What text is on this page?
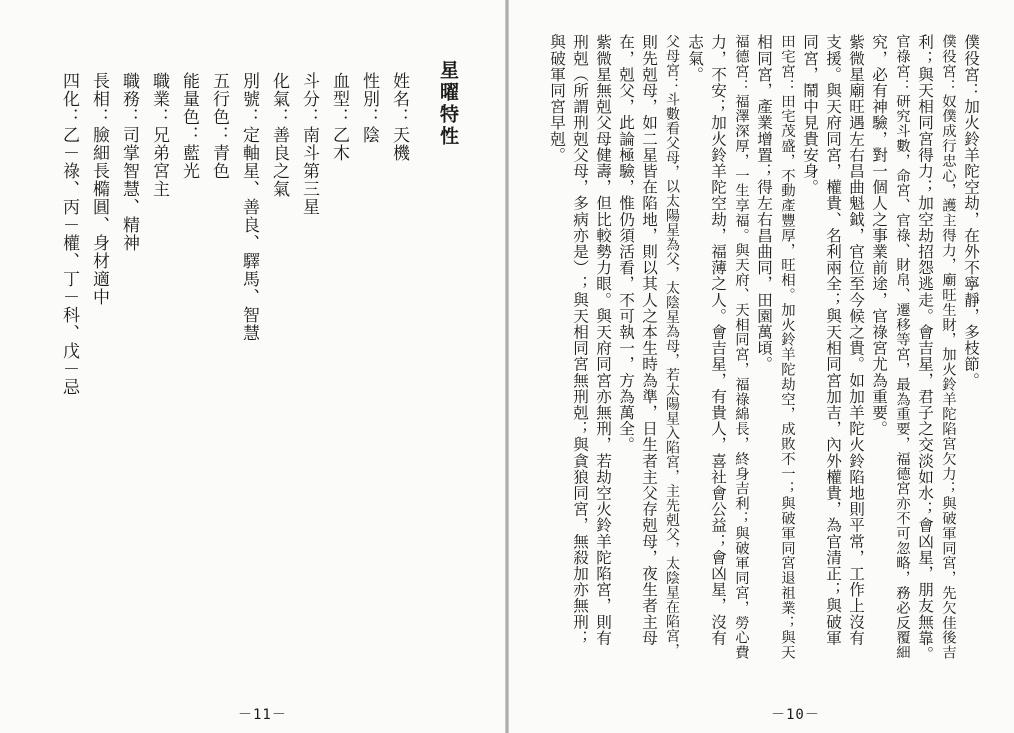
星曜特性
姓名：天機
性別：陰
血型：乙木
斗分：南斗第三星
化氣：善良之氣
別號：定軸星、善良、驛馬、智慧
五行色：青色
能量色：藍光
職業：兄弟宮主
職務：司掌智慧、精神
長相：臉細長橢圓、身材適中
四化：乙－祿、丙－權、丁－科、戊－忌
－11－
僕役宮：加火鈴羊陀空劫，在外不寧靜，多枝節。
僕役宮：奴僕成行忠心，護主得力，廟旺生財，加火鈴羊陀陷宮欠力；與破軍同宮，先欠佳後吉
利；與天相同宮得力；加空劫招怨逃走。會吉星，君子之交淡如水；會凶星，朋友無靠。
官祿宮：研究斗數，命宮、官祿、財帛、遷移等宮，最為重要，福德宮亦不可忽略，務必反覆細
究，必有神驗，對一個人之事業前途，官祿宮尤為重要。
紫微星廟旺遇左右昌曲魁鉞，官位至今候之貴。如加羊陀火鈴陷地則平常，工作上沒有
支援。與天府同宮，權貴、名利兩全；與天相同宮加吉，內外權貴，為官清正；與破軍
同宮，鬧中見貴安身。
田宅宮：田宅茂盛，不動產豐厚，旺相。加火鈴羊陀劫空，成敗不一；與破軍同宮退祖業；與天
相同宮，產業增置；得左右昌曲同，田園萬頃。
福德宮：福澤深厚，一生享福。與天府、天相同宮，福祿綿長，終身吉利；與破軍同宮，勞心費
力，不安；加火鈴羊陀空劫，福薄之人。會吉星，有貴人，喜社會公益；會凶星，沒有
志氣。
父母宮：斗數看父母，以太陽星為父，太陰星為母，若太陽星入陷宮，主先剋父，太陰星在陷宮，
則先剋母，如二星皆在陷地，則以其人之本生時為準，日生者主父存剋母，夜生者主母
在，剋父，此論極驗，惟仍須活看，不可執一，方為萬全。
紫微星無剋父母健壽，但比較勢力眼。與天府同宮亦無刑，若劫空火鈴羊陀陷宮，則有
刑剋（所謂刑剋父母，多病亦是）；與天相同宮無刑剋；與貪狼同宮，無殺加亦無刑；
與破軍同宮早剋。
－10－
